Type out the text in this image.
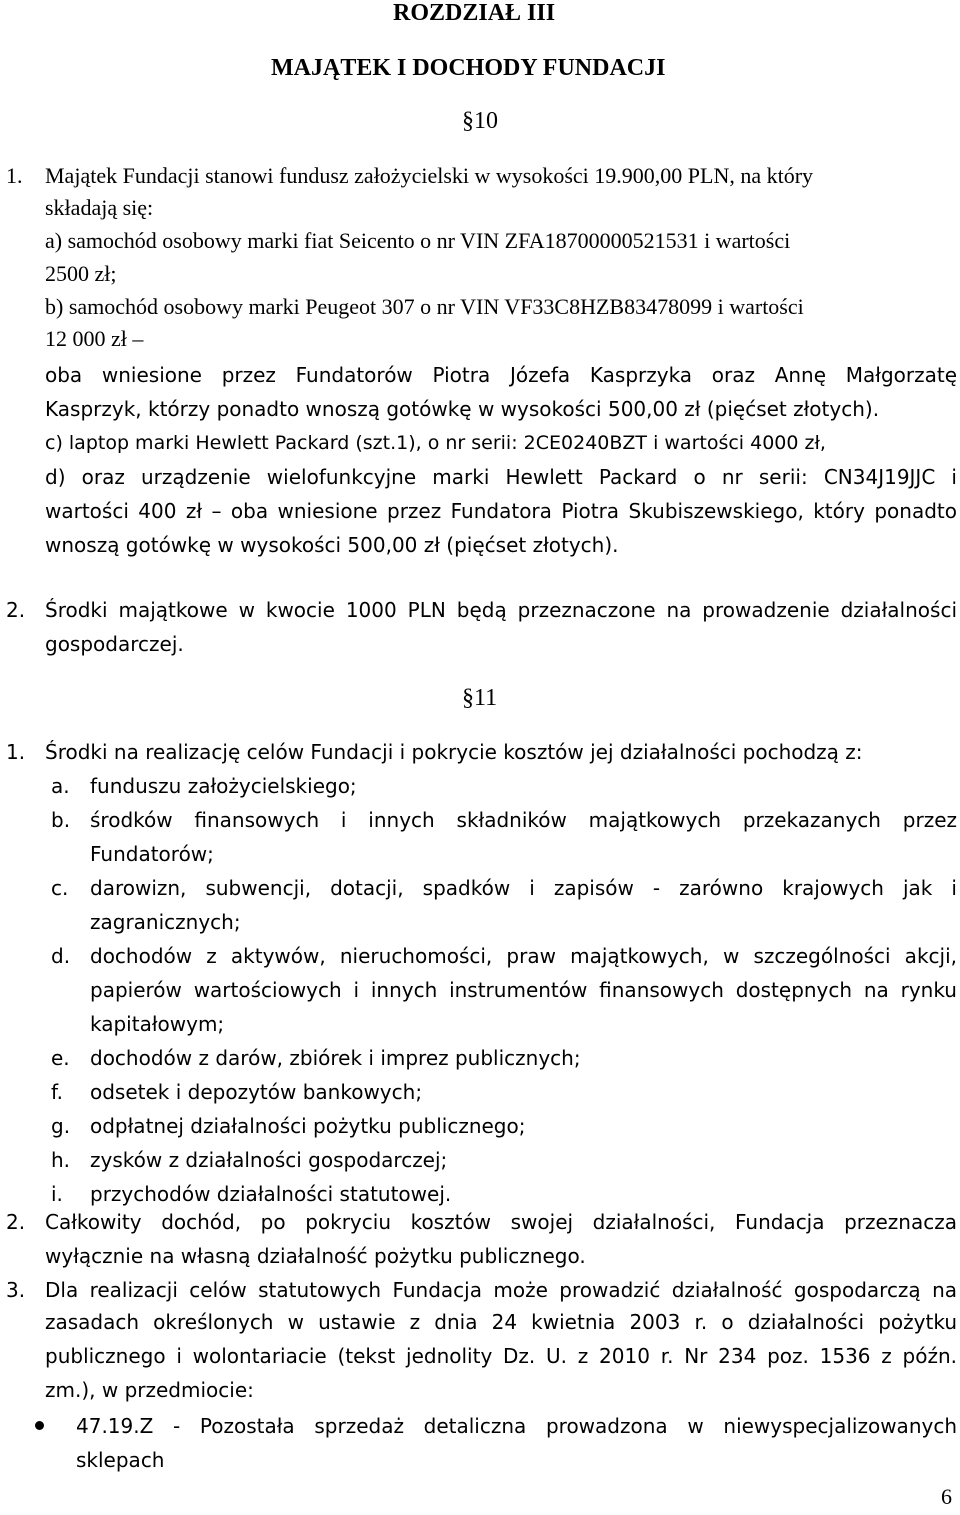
ROZDZIAŁ III
MAJĄTEK I DOCHODY FUNDACJI
§10
1. Majątek Fundacji stanowi fundusz założycielski w wysokości 19.900,00 PLN, na który
składają się:
a) samochód osobowy marki fiat Seicento o nr VIN ZFA18700000521531 i wartości
2500 zł;
b) samochód osobowy marki Peugeot 307 o nr VIN VF33C8HZB83478099 i wartości
12 000 zł –
oba wniesione przez Fundatorów Piotra Józefa Kasprzyka oraz Annę Małgorzatę
Kasprzyk, którzy ponadto wnoszą gotówkę w wysokości 500,00 zł (pięćset złotych).
c) laptop marki Hewlett Packard (szt.1), o nr serii: 2CE0240BZT i wartości 4000 zł,
d) oraz urządzenie wielofunkcyjne marki Hewlett Packard o nr serii: CN34J19JJC i
wartości 400 zł – oba wniesione przez Fundatora Piotra Skubiszewskiego, który ponadto
wnoszą gotówkę w wysokości 500,00 zł (pięćset złotych).
2. Środki majątkowe w kwocie 1000 PLN będą przeznaczone na prowadzenie działalności
gospodarczej.
§11
1. Środki na realizację celów Fundacji i pokrycie kosztów jej działalności pochodzą z:
a. funduszu założycielskiego;
b. środków finansowych i innych składników majątkowych przekazanych przez
Fundatorów;
c. darowizn, subwencji, dotacji, spadków i zapisów - zarówno krajowych jak i
zagranicznych;
d. dochodów z aktywów, nieruchomości, praw majątkowych, w szczególności akcji,
papierów wartościowych i innych instrumentów finansowych dostępnych na rynku
kapitałowym;
e. dochodów z darów, zbiórek i imprez publicznych;
f. odsetek i depozytów bankowych;
g. odpłatnej działalności pożytku publicznego;
h. zysków z działalności gospodarczej;
i. przychodów działalności statutowej.
2. Całkowity dochód, po pokryciu kosztów swojej działalności, Fundacja przeznacza
wyłącznie na własną działalność pożytku publicznego.
3. Dla realizacji celów statutowych Fundacja może prowadzić działalność gospodarczą na
zasadach określonych w ustawie z dnia 24 kwietnia 2003 r. o działalności pożytku
publicznego i wolontariacie (tekst jednolity Dz. U. z 2010 r. Nr 234 poz. 1536 z późn.
zm.), w przedmiocie:
47.19.Z - Pozostała sprzedaż detaliczna prowadzona w niewyspecjalizowanych
sklepach
6
